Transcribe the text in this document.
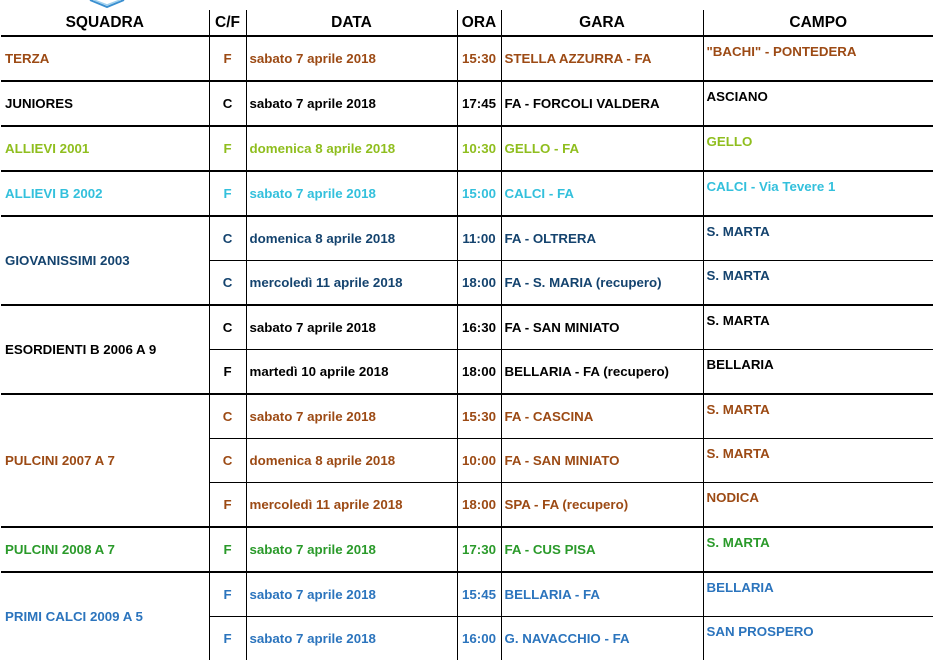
SQUADRA	C/F	DATA	ORA	GARA	CAMPO
TERZA	F	sabato 7 aprile 2018	15:30	STELLA AZZURRA - FA	"BACHI" - PONTEDERA
JUNIORES	C	sabato 7 aprile 2018	17:45	FA - FORCOLI VALDERA	ASCIANO
ALLIEVI 2001	F	domenica 8 aprile 2018	10:30	GELLO - FA	GELLO
ALLIEVI B 2002	F	sabato 7 aprile 2018	15:00	CALCI - FA	CALCI - Via Tevere 1
GIOVANISSIMI 2003	C	domenica 8 aprile 2018	11:00	FA - OLTRERA	S. MARTA
	C	mercoledì 11 aprile 2018	18:00	FA - S. MARIA (recupero)	S. MARTA
ESORDIENTI B 2006 A 9	C	sabato 7 aprile 2018	16:30	FA - SAN MINIATO	S. MARTA
	F	martedì 10 aprile 2018	18:00	BELLARIA - FA (recupero)	BELLARIA
PULCINI 2007 A 7	C	sabato 7 aprile 2018	15:30	FA - CASCINA	S. MARTA
	C	domenica 8 aprile 2018	10:00	FA - SAN MINIATO	S. MARTA
	F	mercoledì 11 aprile 2018	18:00	SPA - FA (recupero)	NODICA
PULCINI 2008 A 7	F	sabato 7 aprile 2018	17:30	FA - CUS PISA	S. MARTA
PRIMI CALCI 2009 A 5	F	sabato 7 aprile 2018	15:45	BELLARIA - FA	BELLARIA
	F	sabato 7 aprile 2018	16:00	G. NAVACCHIO - FA	SAN PROSPERO
